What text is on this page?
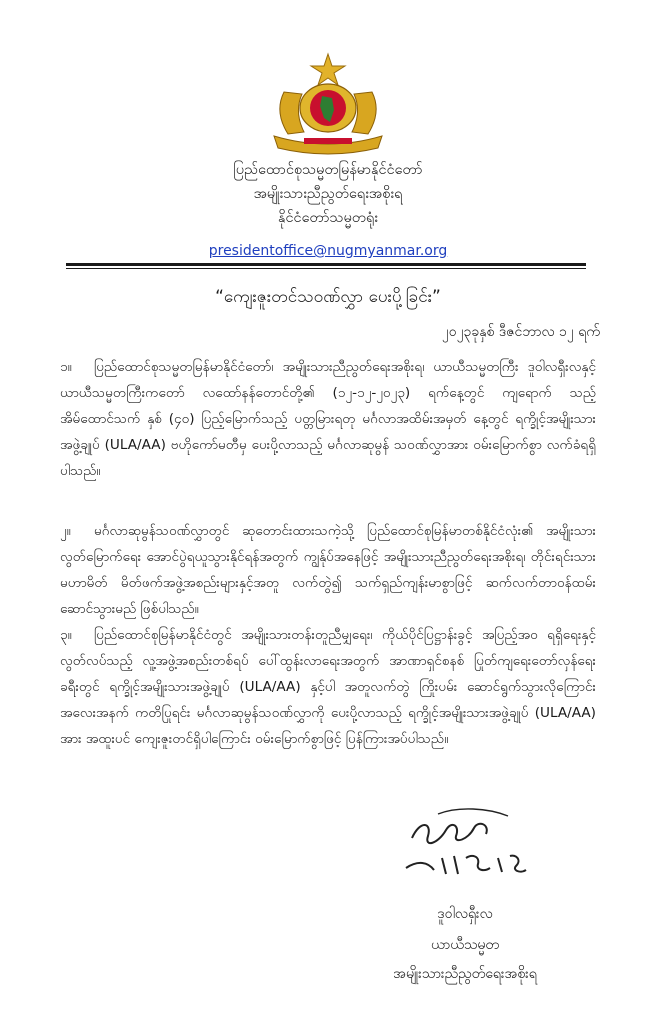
ပြည်ထောင်စုသမ္မတမြန်မာနိုင်ငံတော်
အမျိုးသားညီညွတ်ရေးအစိုးရ
နိုင်ငံတော်သမ္မတရုံး
presidentoffice@nugmyanmar.org
“ကျေးဇူးတင်သဝဏ်လွှာ ပေးပို့ခြင်း”
၂၀၂၃ခုနှစ် ဒီဇင်ဘာလ ၁၂ ရက်
၁။ ပြည်ထောင်စုသမ္မတမြန်မာနိုင်ငံတော်၊ အမျိုးသားညီညွတ်ရေးအစိုးရ၊ ယာယီသမ္မတကြီး ဒူဝါလရှီးလနှင့် ယာယီသမ္မတကြီးကတော် လထော်နန်တောင်တို့၏ (၁၂-၁၂-၂၀၂၃) ရက်နေ့တွင် ကျရောက် သည့် အိမ်ထောင်သက် နှစ် (၄၀) ပြည့်မြောက်သည့် ပတ္တမြားရတု မင်္ဂလာအထိမ်းအမှတ် နေ့တွင် ရက္ခိုင့်အမျိုးသားအဖွဲ့ချုပ် (ULA/AA) ဗဟိုကော်မတီမှ ပေးပို့လာသည့် မင်္ဂလာဆုမွန် သဝဏ်လွှာအား ဝမ်းမြောက်စွာ လက်ခံရရှိပါသည်။
၂။ မင်္ဂလာဆုမွန်သဝဏ်လွှာတွင် ဆုတောင်းထားသကဲ့သို့ ပြည်ထောင်စုမြန်မာတစ်နိုင်ငံလုံး၏ အမျိုးသားလွတ်မြောက်ရေး အောင်ပွဲရယူသွားနိုင်ရန်အတွက် ကျွန်ုပ်အနေဖြင့် အမျိုးသားညီညွတ်ရေးအစိုးရ၊ တိုင်းရင်းသားမဟာမိတ် မိတ်ဖက်အဖွဲ့အစည်းများနှင့်အတူ လက်တွဲ၍ သက်ရှည်ကျန်းမာစွာဖြင့် ဆက်လက်တာဝန်ထမ်းဆောင်သွားမည် ဖြစ်ပါသည်။
၃။ ပြည်ထောင်စုမြန်မာနိုင်ငံတွင် အမျိုးသားတန်းတူညီမျှရေး၊ ကိုယ်ပိုင်ပြဋ္ဌာန်းခွင့် အပြည့်အဝ ရရှိရေးနှင့် လွတ်လပ်သည့် လူ့အဖွဲ့အစည်းတစ်ရပ် ပေါ်ထွန်းလာရေးအတွက် အာဏာရှင်စနစ် ပြုတ်ကျရေးတော်လှန်ရေးခရီးတွင် ရက္ခိုင့်အမျိုးသားအဖွဲ့ချုပ် (ULA/AA) နှင့်ပါ အတူလက်တွဲ ကြိုးပမ်း ဆောင်ရွက်သွားလိုကြောင်း အလေးအနက် ကတိပြုရင်း မင်္ဂလာဆုမွန်သဝဏ်လွှာကို ပေးပို့လာသည့် ရက္ခိုင့်အမျိုးသားအဖွဲ့ချုပ် (ULA/AA) အား အထူးပင် ကျေးဇူးတင်ရှိပါကြောင်း ဝမ်းမြောက်စွာဖြင့် ပြန်ကြားအပ်ပါသည်။
ဒူဝါလရှီးလ
ယာယီသမ္မတ
အမျိုးသားညီညွတ်ရေးအစိုးရ
